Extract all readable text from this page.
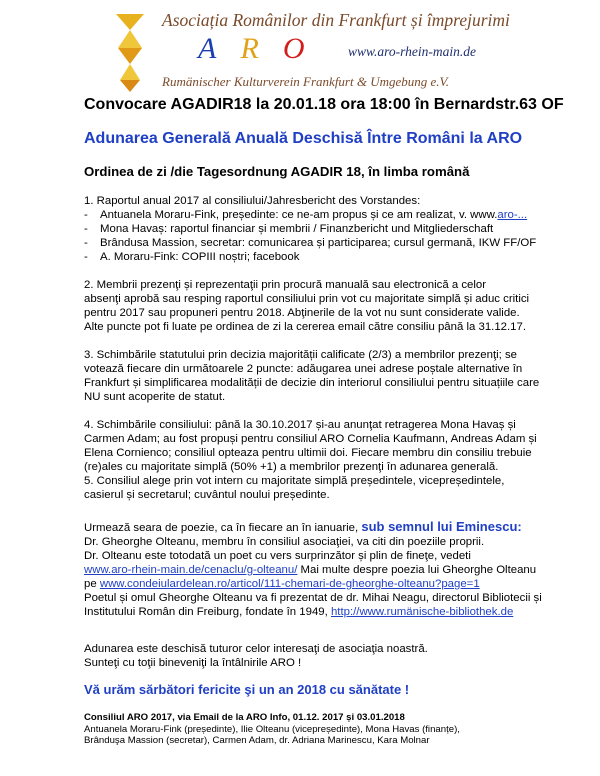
Asociația Românilor din Frankfurt și împrejurimi
A R O	www.aro-rhein-main.de
Rumänischer Kulturverein Frankfurt & Umgebung e.V.
Convocare AGADIR18 la 20.01.18 ora 18:00 în Bernardstr.63 OF
Adunarea Generală Anuală Deschisă Între Români la ARO
Ordinea de zi /die Tagesordnung AGADIR 18, în limba română
1. Raportul anual 2017 al consiliului/Jahresbericht des Vorstandes:
- Antuanela Moraru-Fink, președinte: ce ne-am propus și ce am realizat, v. www.aro-...
- Mona Havaș: raportul financiar și membrii / Finanzbericht und Mitgliederschaft
- Brândusa Massion, secretar: comunicarea și participarea; cursul germană, IKW FF/OF
- A. Moraru-Fink: COPIII noștri; facebook
2. Membrii prezenţi și reprezentaţii prin procură manuală sau electronică a celor
absenţi aprobă sau resping raportul consiliului prin vot cu majoritate simplă și aduc critici
pentru 2017 sau propuneri pentru 2018. Abţinerile de la vot nu sunt considerate valide.
Alte puncte pot fi luate pe ordinea de zi la cererea email către consiliu până la 31.12.17.
3. Schimbările statutului prin decizia majorității calificate (2/3) a membrilor prezenţi; se
votează fiecare din următoarele 2 puncte: adăugarea unei adrese poștale alternative în
Frankfurt și simplificarea modalității de decizie din interiorul consiliului pentru situațiile care
NU sunt acoperite de statut.
4. Schimbările consiliului: până la 30.10.2017 și-au anunţat retragerea Mona Havaș și
Carmen Adam; au fost propuși pentru consiliul ARO Cornelia Kaufmann, Andreas Adam și
Elena Cornienco; consiliul opteaza pentru ultimii doi. Fiecare membru din consiliu trebuie
(re)ales cu majoritate simplă (50% +1) a membrilor prezenţi în adunarea generală.
5. Consiliul alege prin vot intern cu majoritate simplă președintele, vicepreședintele,
casierul și secretarul; cuvântul noului președinte.
Urmează seara de poezie, ca în fiecare an în ianuarie, sub semnul lui Eminescu:
Dr. Gheorghe Olteanu, membru în consiliul asociaţiei, va citi din poeziile proprii.
Dr. Olteanu este totodată un poet cu vers surprinzător și plin de fineţe, vedeti
www.aro-rhein-main.de/cenaclu/g-olteanu/ Mai multe despre poezia lui Gheorghe Olteanu
pe www.condeiulardelean.ro/articol/111-chemari-de-gheorghe-olteanu?page=1
Poetul și omul Gheorghe Olteanu va fi prezentat de dr. Mihai Neagu, directorul Bibliotecii și
Institutului Român din Freiburg, fondate în 1949, http://www.rumänische-bibliothek.de
Adunarea este deschisă tuturor celor interesaţi de asociaţia noastră.
Sunteţi cu toţii bineveniţi la întâlnirile ARO !
Vă urăm sărbători fericite şi un an 2018 cu sănătate !
Consiliul ARO 2017, via Email de la ARO Info, 01.12. 2017 și 03.01.2018
Antuanela Moraru-Fink (președinte), Ilie Olteanu (vicepreședinte), Mona Havas (finanțe),
Brânduşa Massion (secretar), Carmen Adam, dr. Adriana Marinescu, Kara Molnar
